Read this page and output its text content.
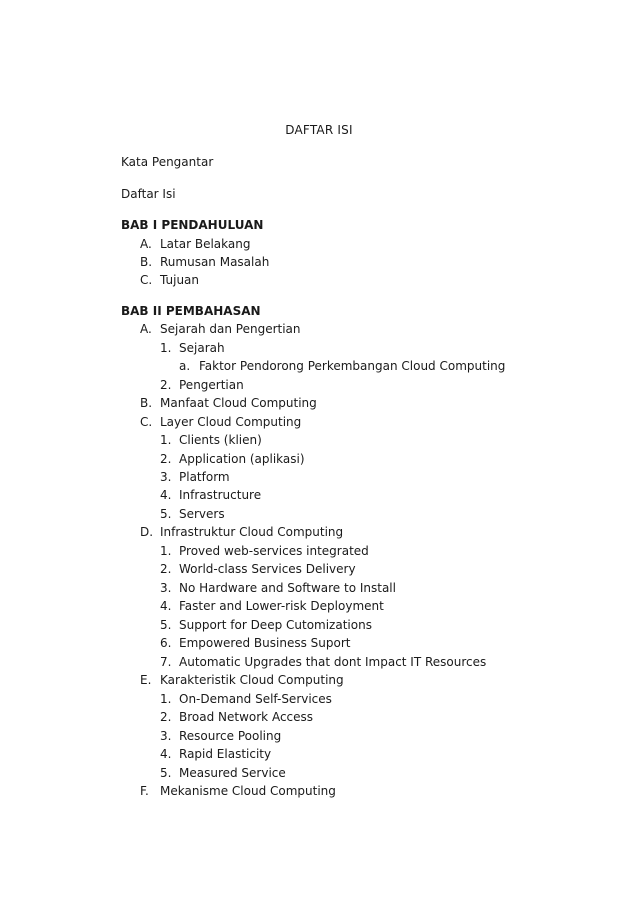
DAFTAR ISI
Kata Pengantar
Daftar Isi
BAB I PENDAHULUAN
A. Latar Belakang
B. Rumusan Masalah
C. Tujuan
BAB II PEMBAHASAN
A. Sejarah dan Pengertian
1. Sejarah
a. Faktor Pendorong Perkembangan Cloud Computing
2. Pengertian
B. Manfaat Cloud Computing
C. Layer Cloud Computing
1. Clients (klien)
2. Application (aplikasi)
3. Platform
4. Infrastructure
5. Servers
D. Infrastruktur Cloud Computing
1. Proved web-services integrated
2. World-class Services Delivery
3. No Hardware and Software to Install
4. Faster and Lower-risk Deployment
5. Support for Deep Cutomizations
6. Empowered Business Suport
7. Automatic Upgrades that dont Impact IT Resources
E. Karakteristik Cloud Computing
1. On-Demand Self-Services
2. Broad Network Access
3. Resource Pooling
4. Rapid Elasticity
5. Measured Service
F. Mekanisme Cloud Computing
